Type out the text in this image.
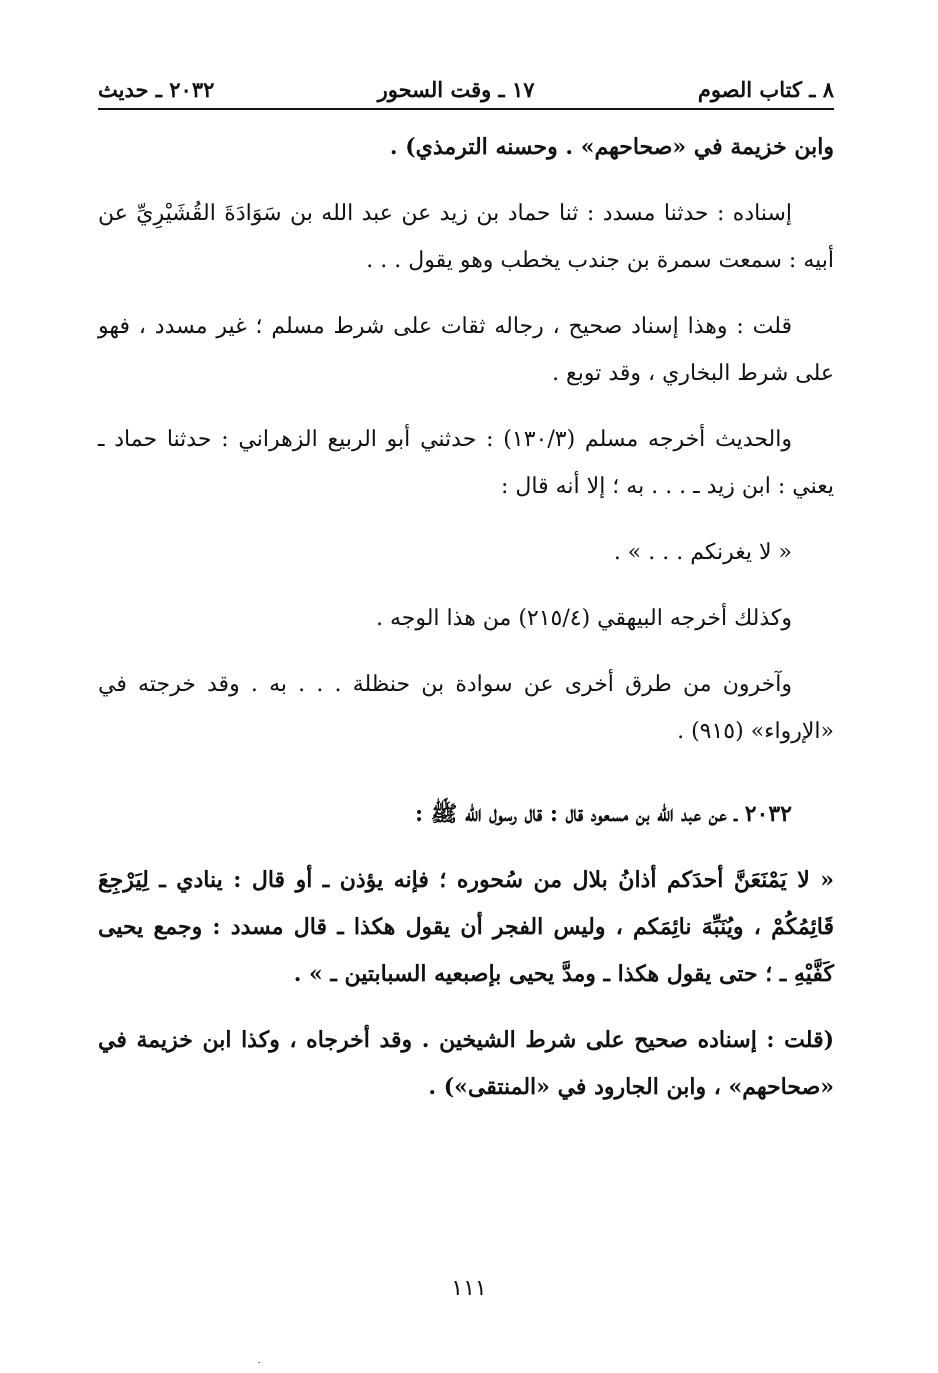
٨ ـ كتاب الصوم
١٧ ـ وقت السحور
٢٠٣٢ ـ حديث

وابن خزيمة في «صحاحهم» . وحسنه الترمذي) .

إسناده : حدثنا مسدد : ثنا حماد بن زيد عن عبد الله بن سَوَادَةَ القُشَيْرِيِّ عن أبيه : سمعت سمرة بن جندب يخطب وهو يقول . . .

قلت : وهذا إسناد صحيح ، رجاله ثقات على شرط مسلم ؛ غير مسدد ، فهو على شرط البخاري ، وقد توبع .

والحديث أخرجه مسلم (١٣٠/٣) : حدثني أبو الربيع الزهراني : حدثنا حماد ـ يعني : ابن زيد ـ . . . به ؛ إلا أنه قال :

« لا يغرنكم . . . » .

وكذلك أخرجه البيهقي (٢١٥/٤) من هذا الوجه .

وآخرون من طرق أخرى عن سوادة بن حنظلة . . . به . وقد خرجته في «الإرواء» (٩١٥) .

٢٠٣٢ ـ عن عبد الله بن مسعود قال : قال رسول الله ﷺ :

« لا يَمْنَعَنَّ أحدَكم أذانُ بلال من سُحوره ؛ فإنه يؤذن ـ أو قال : ينادي ـ لِيَرْجِعَ قَائِمُكُمْ ، ويُنَبِّهَ نائِمَكم ، وليس الفجر أن يقول هكذا ـ قال مسدد : وجمع يحيى كَفَّيْهِ ـ ؛ حتى يقول هكذا ـ ومدَّ يحيى بإصبعيه السبابتين ـ » .

(قلت : إسناده صحيح على شرط الشيخين . وقد أخرجاه ، وكذا ابن خزيمة في «صحاحهم» ، وابن الجارود في «المنتقى») .

١١١
